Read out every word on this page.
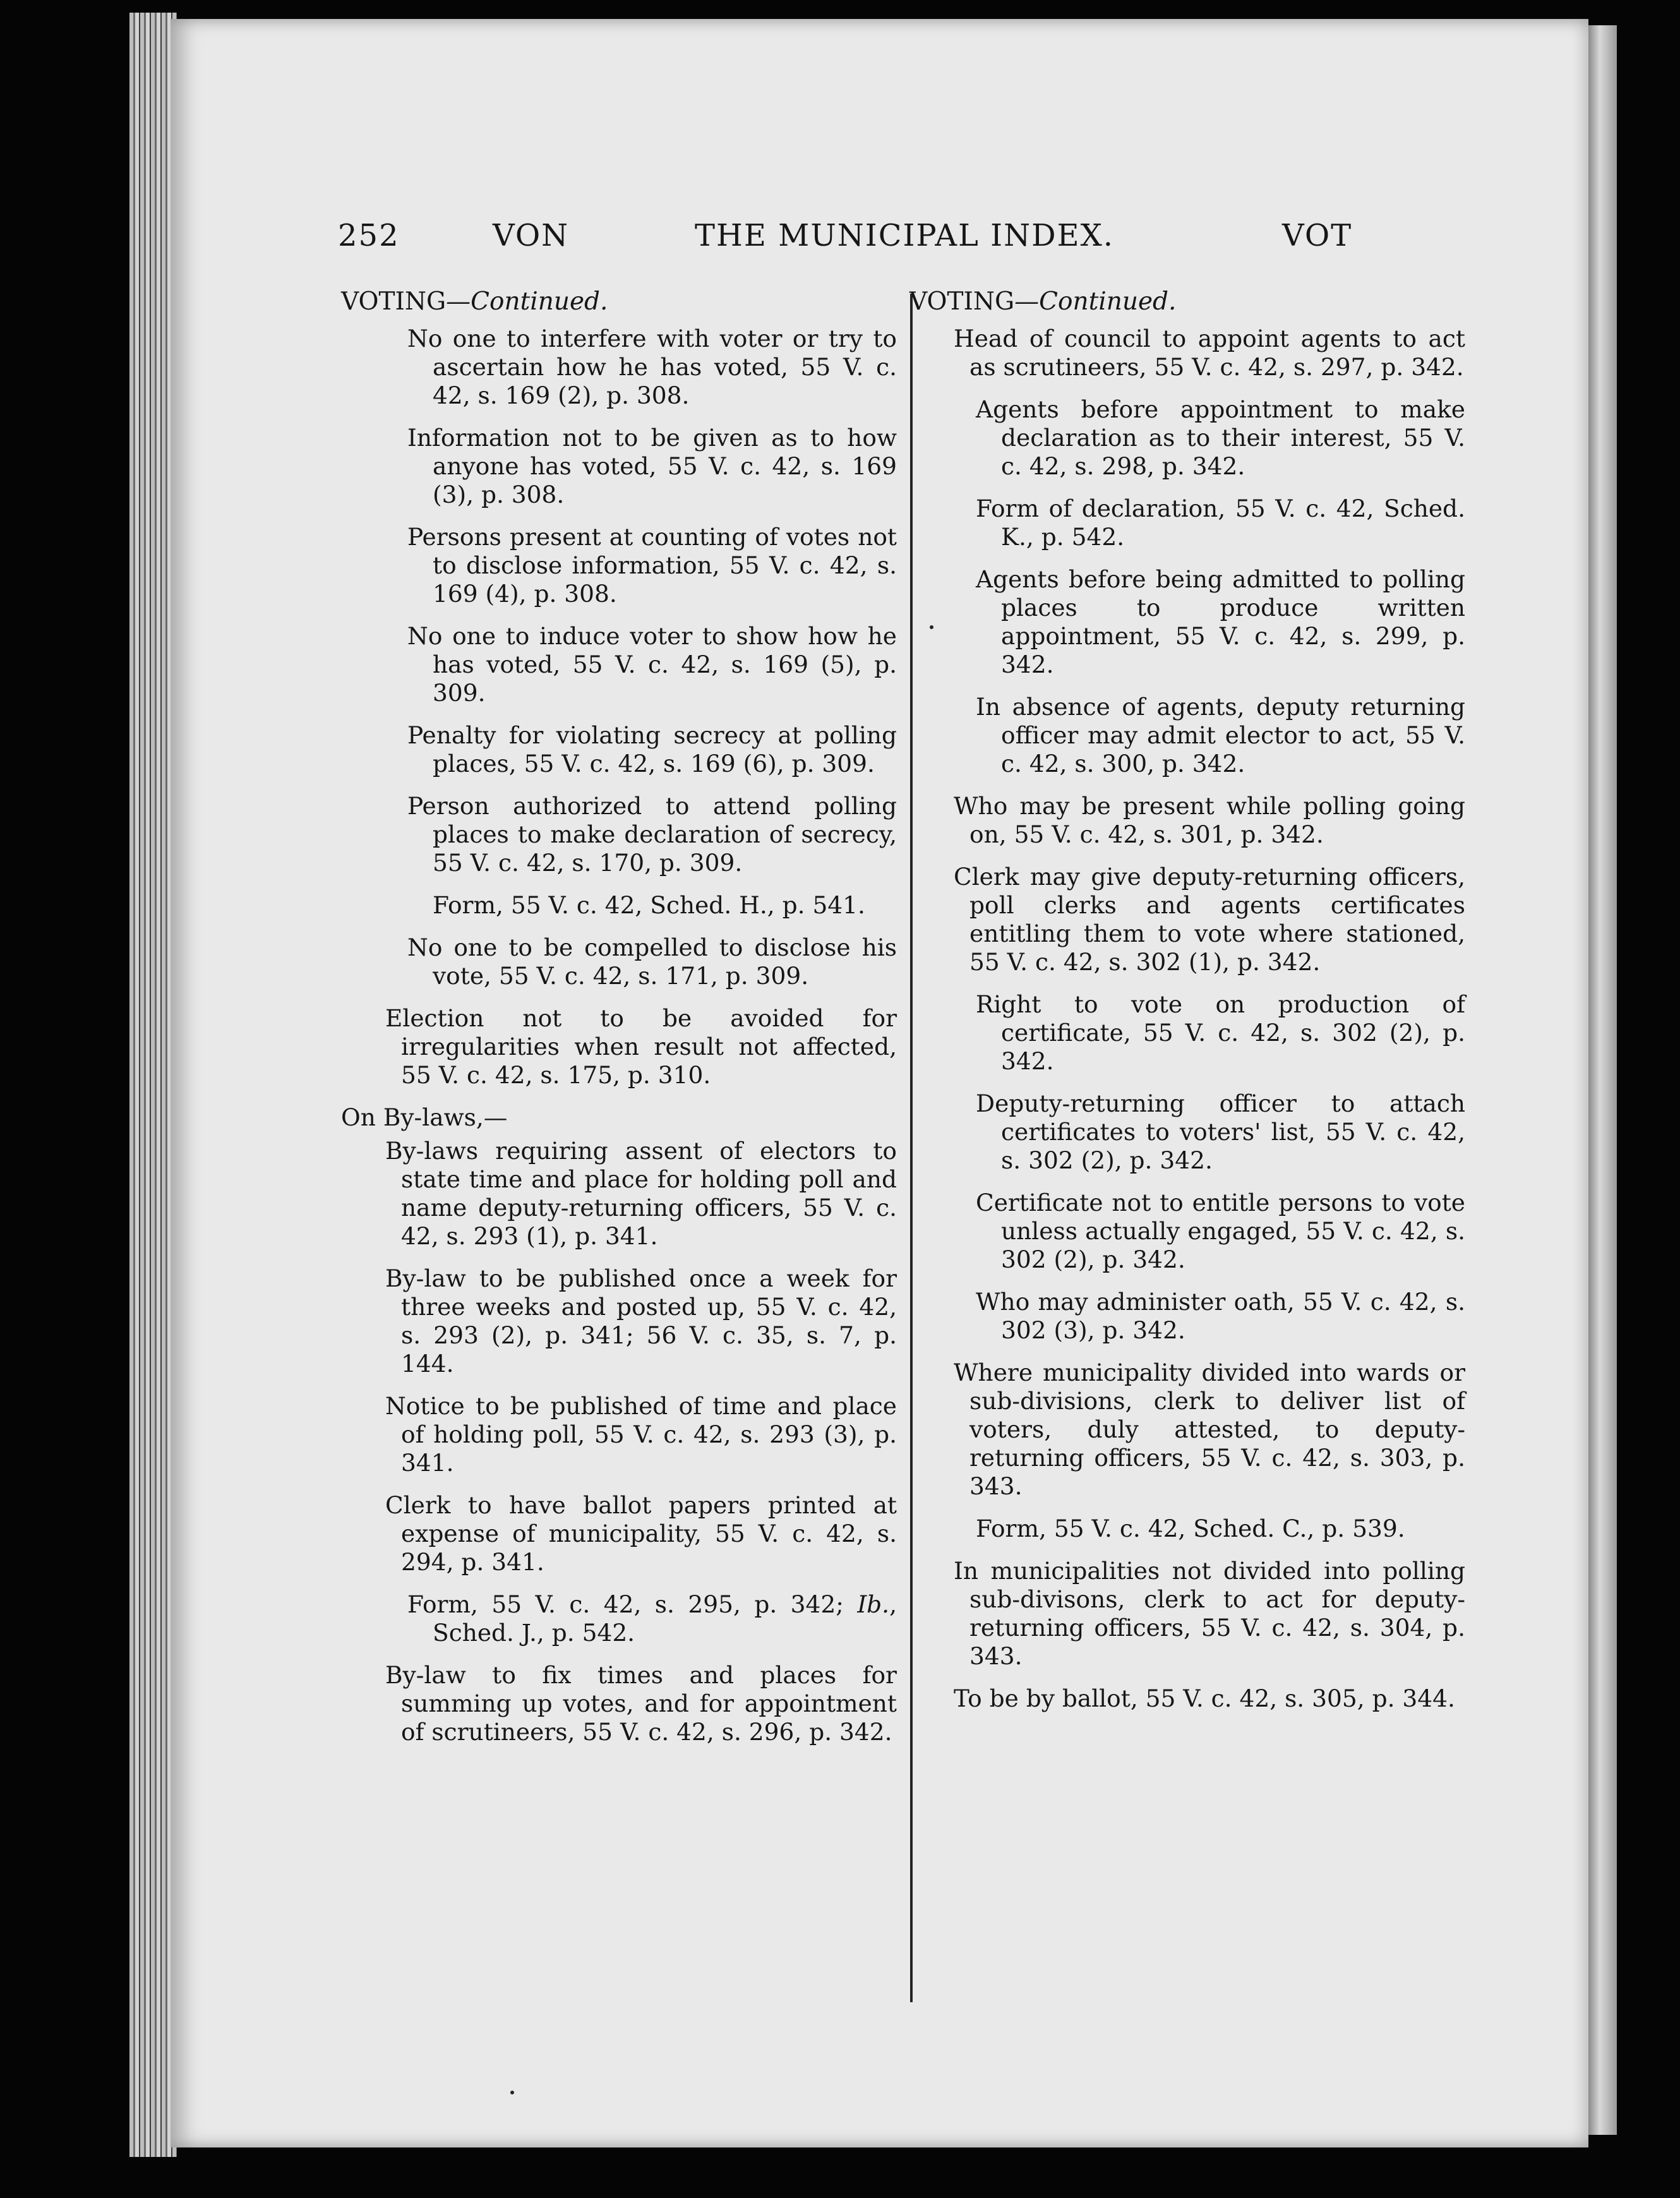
252	VON	THE MUNICIPAL INDEX.	VOT
VOTING—Continued.
No one to interfere with voter or try to ascertain how he has voted, 55 V. c. 42, s. 169 (2), p. 308.
Information not to be given as to how anyone has voted, 55 V. c. 42, s. 169 (3), p. 308.
Persons present at counting of votes not to disclose information, 55 V. c. 42, s. 169 (4), p. 308.
No one to induce voter to show how he has voted, 55 V. c. 42, s. 169 (5), p. 309.
Penalty for violating secrecy at polling places, 55 V. c. 42, s. 169 (6), p. 309.
Person authorized to attend polling places to make declaration of secrecy, 55 V. c. 42, s. 170, p. 309.
Form, 55 V. c. 42, Sched. H., p. 541.
No one to be compelled to disclose his vote, 55 V. c. 42, s. 171, p. 309.
Election not to be avoided for irregularities when result not affected, 55 V. c. 42, s. 175, p. 310.
On By-laws,—
By-laws requiring assent of electors to state time and place for holding poll and name deputy-returning officers, 55 V. c. 42, s. 293 (1), p. 341.
By-law to be published once a week for three weeks and posted up, 55 V. c. 42, s. 293 (2), p. 341; 56 V. c. 35, s. 7, p. 144.
Notice to be published of time and place of holding poll, 55 V. c. 42, s. 293 (3), p. 341.
Clerk to have ballot papers printed at expense of municipality, 55 V. c. 42, s. 294, p. 341.
Form, 55 V. c. 42, s. 295, p. 342; Ib., Sched. J., p. 542.
By-law to fix times and places for summing up votes, and for appointment of scrutineers, 55 V. c. 42, s. 296, p. 342.
VOTING—Continued.
Head of council to appoint agents to act as scrutineers, 55 V. c. 42, s. 297, p. 342.
Agents before appointment to make declaration as to their interest, 55 V. c. 42, s. 298, p. 342.
Form of declaration, 55 V. c. 42, Sched. K., p. 542.
Agents before being admitted to polling places to produce written appointment, 55 V. c. 42, s. 299, p. 342.
In absence of agents, deputy returning officer may admit elector to act, 55 V. c. 42, s. 300, p. 342.
Who may be present while polling going on, 55 V. c. 42, s. 301, p. 342.
Clerk may give deputy-returning officers, poll clerks and agents certificates entitling them to vote where stationed, 55 V. c. 42, s. 302 (1), p. 342.
Right to vote on production of certificate, 55 V. c. 42, s. 302 (2), p. 342.
Deputy-returning officer to attach certificates to voters' list, 55 V. c. 42, s. 302 (2), p. 342.
Certificate not to entitle persons to vote unless actually engaged, 55 V. c. 42, s. 302 (2), p. 342.
Who may administer oath, 55 V. c. 42, s. 302 (3), p. 342.
Where municipality divided into wards or sub-divisions, clerk to deliver list of voters, duly attested, to deputy-returning officers, 55 V. c. 42, s. 303, p. 343.
Form, 55 V. c. 42, Sched. C., p. 539.
In municipalities not divided into polling sub-divisons, clerk to act for deputy-returning officers, 55 V. c. 42, s. 304, p. 343.
To be by ballot, 55 V. c. 42, s. 305, p. 344.
